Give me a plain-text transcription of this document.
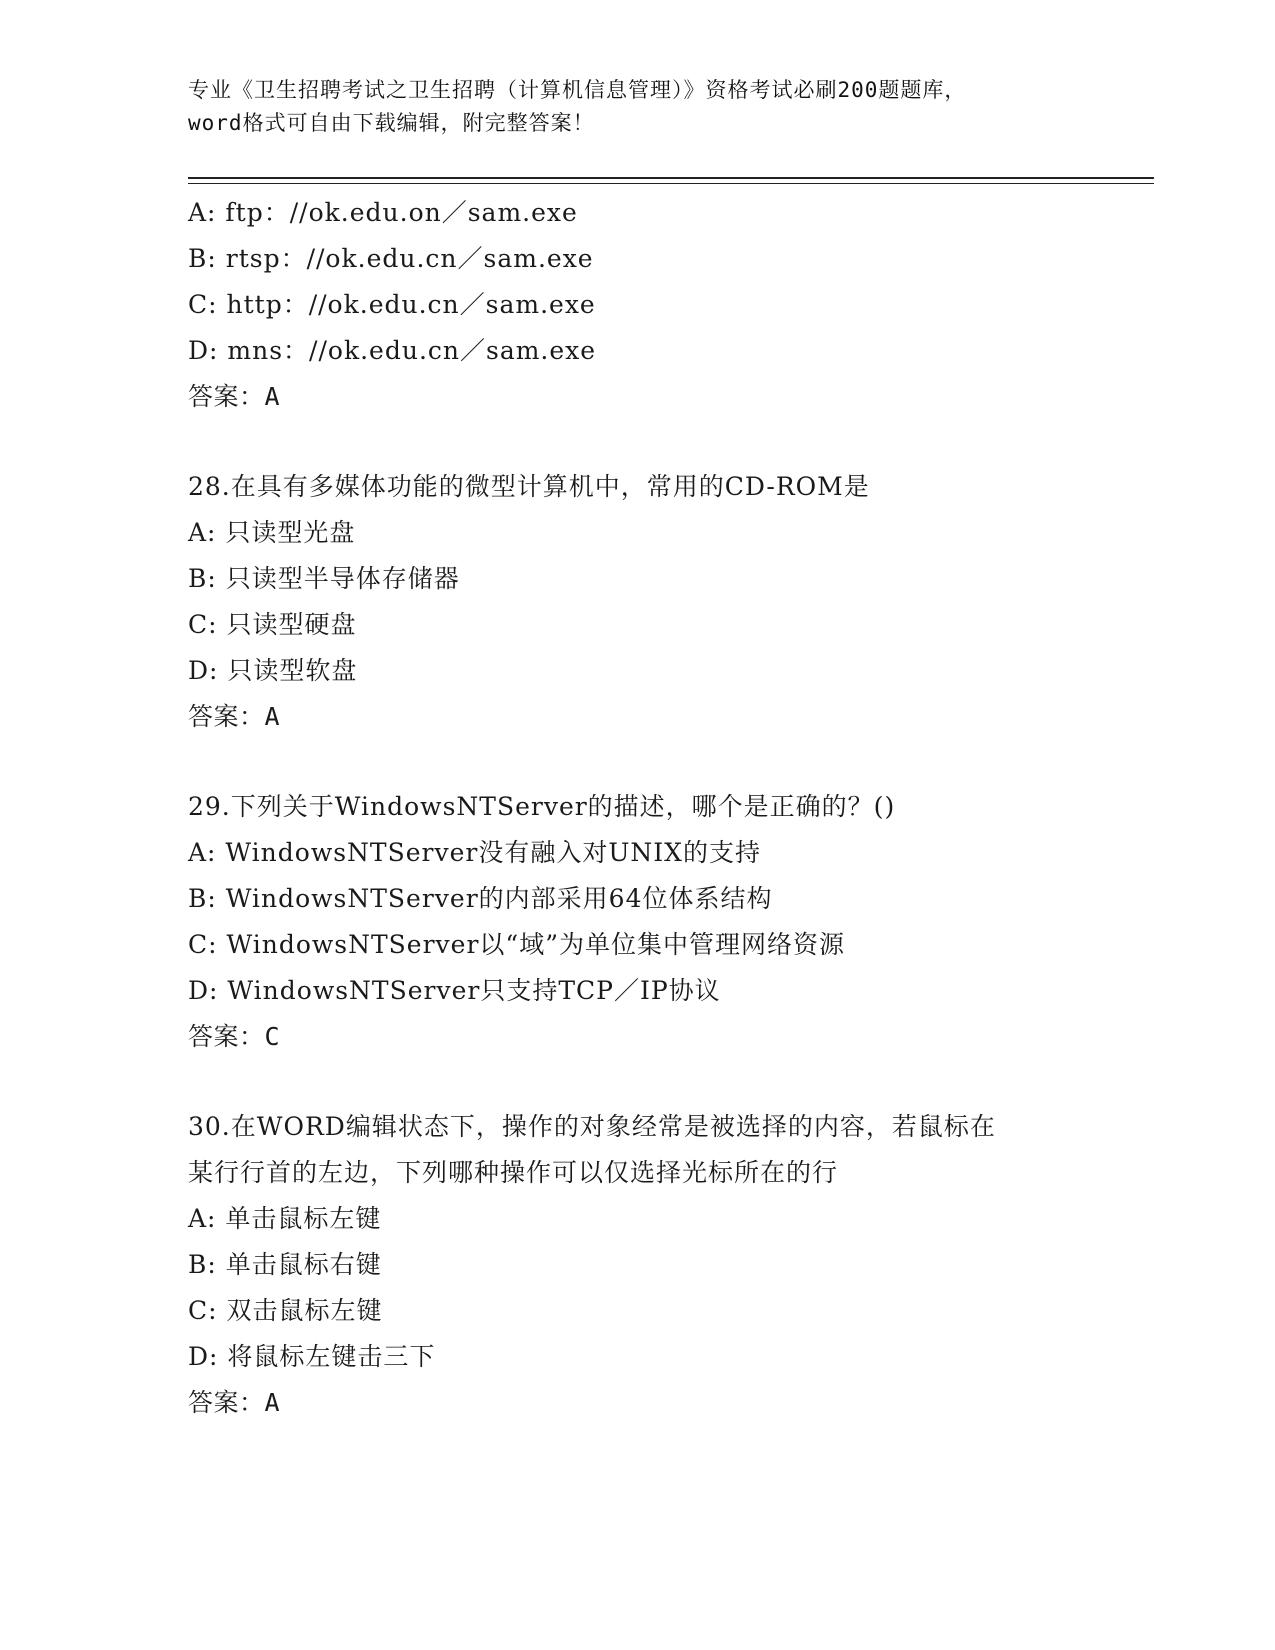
专业《卫生招聘考试之卫生招聘（计算机信息管理）》资格考试必刷200题题库，
word格式可自由下载编辑，附完整答案！
A: ftp：//ok.edu.on／sam.exe
B: rtsp：//ok.edu.cn／sam.exe
C: http：//ok.edu.cn／sam.exe
D: mns：//ok.edu.cn／sam.exe
答案：A
28.在具有多媒体功能的微型计算机中，常用的CD-ROM是
A: 只读型光盘
B: 只读型半导体存储器
C: 只读型硬盘
D: 只读型软盘
答案：A
29.下列关于WindowsNTServer的描述，哪个是正确的？()
A: WindowsNTServer没有融入对UNIX的支持
B: WindowsNTServer的内部采用64位体系结构
C: WindowsNTServer以“域”为单位集中管理网络资源
D: WindowsNTServer只支持TCP／IP协议
答案：C
30.在WORD编辑状态下，操作的对象经常是被选择的内容，若鼠标在
某行行首的左边，下列哪种操作可以仅选择光标所在的行
A: 单击鼠标左键
B: 单击鼠标右键
C: 双击鼠标左键
D: 将鼠标左键击三下
答案：A
